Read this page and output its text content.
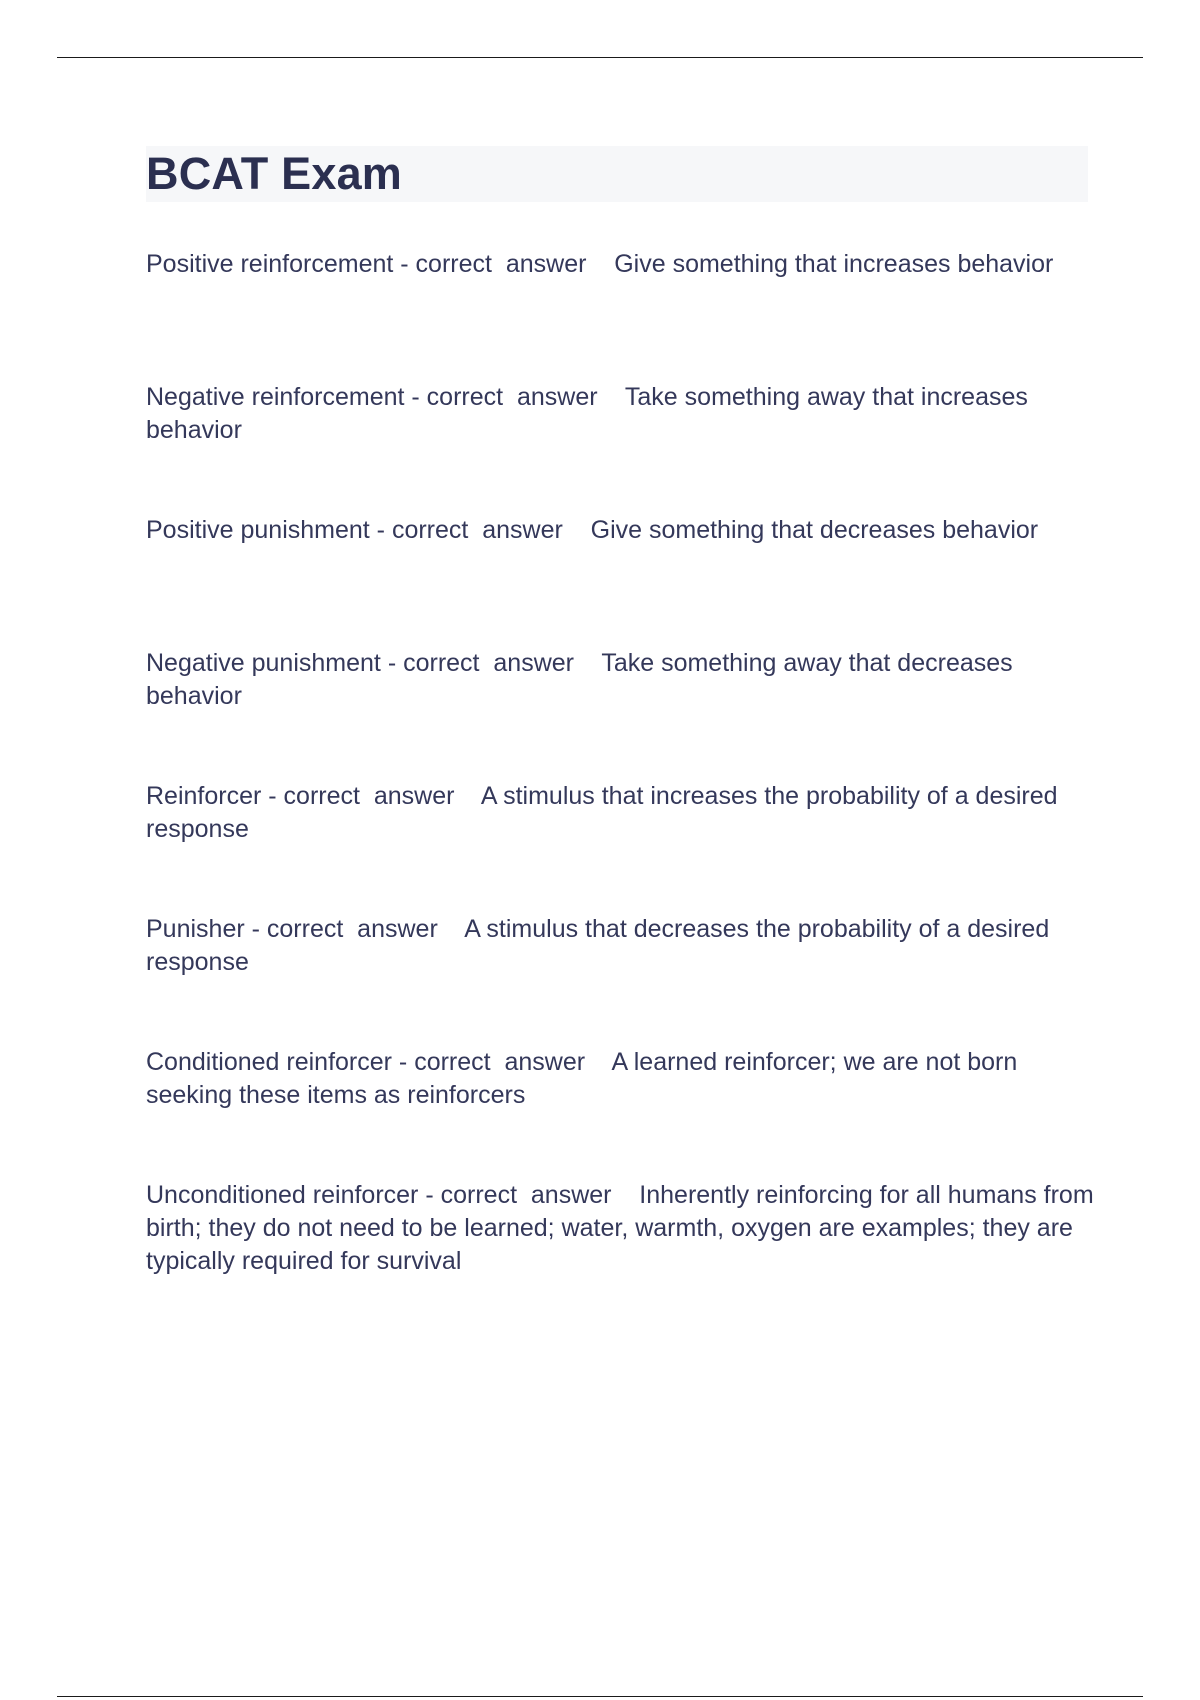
BCAT Exam
Positive reinforcement - correct  answer    Give something that increases behavior
Negative reinforcement - correct  answer    Take something away that increases behavior
Positive punishment - correct  answer    Give something that decreases behavior
Negative punishment - correct  answer    Take something away that decreases behavior
Reinforcer - correct  answer    A stimulus that increases the probability of a desired response
Punisher - correct  answer    A stimulus that decreases the probability of a desired response
Conditioned reinforcer - correct  answer    A learned reinforcer; we are not born seeking these items as reinforcers
Unconditioned reinforcer - correct  answer    Inherently reinforcing for all humans from birth; they do not need to be learned; water, warmth, oxygen are examples; they are typically required for survival
